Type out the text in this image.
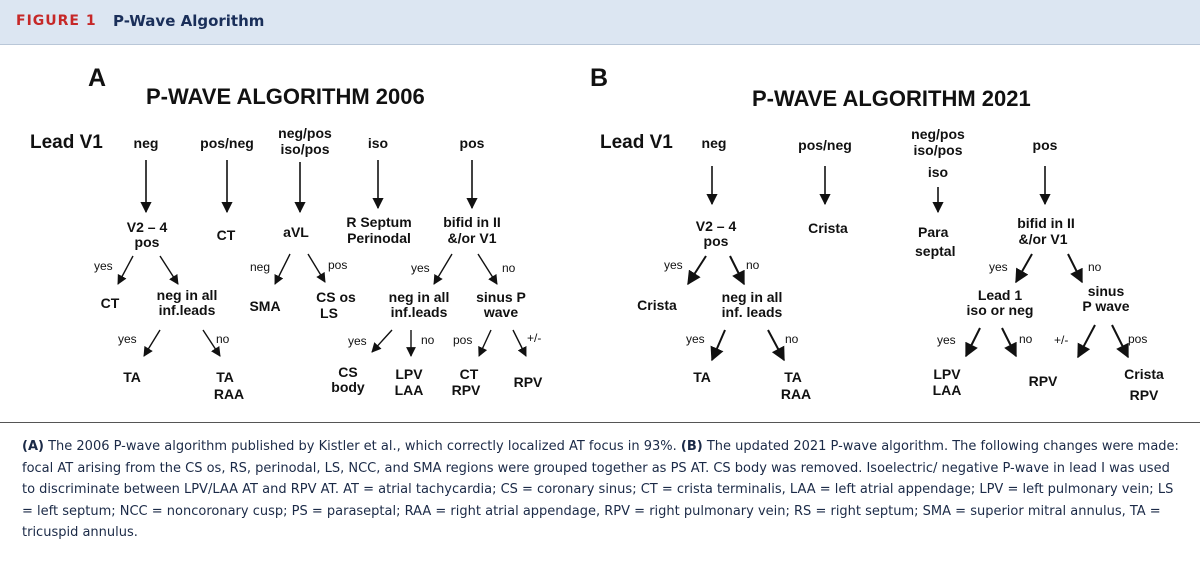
FIGURE 1 P-Wave Algorithm
A
P-WAVE ALGORITHM 2006
Lead V1 neg	pos/neg
neg/pos
iso/pos	iso	pos
V2 – 4
pos	CT	aVL
R Septum
Perinodal
bifid in II
&/or V1
yes	neg	pos	yes	no
CT	neg in all
inf.leads SMA
CS os
LS
neg in all
inf.leads
sinus P
wave
yes	no	yes	no pos	+/-
TA	TA
RAA
CS
body
LPV
LAA
CT
RPV RPV
B
P-WAVE ALGORITHM 2021
Lead V1 neg	pos/neg
neg/pos
iso/pos
iso
pos
V2 – 4
pos
Crista	Para
septal
bifid in II
&/or V1
yes	no	yes	no
Crista	neg in all
inf. leads
Lead 1
iso or neg
sinus
P wave
yes	no	yes	no +/-	pos
TA	TA
RAA
LPV
LAA
RPV	Crista
RPV
(A) The 2006 P-wave algorithm published by Kistler et al., which correctly localized AT focus in 93%. (B) The updated 2021 P-wave algorithm. The following changes were made: focal AT arising from the CS os, RS, perinodal, LS, NCC, and SMA regions were grouped together as PS AT. CS body was removed. Isoelectric/ negative P-wave in lead I was used to discriminate between LPV/LAA AT and RPV AT. AT = atrial tachycardia; CS = coronary sinus; CT = crista terminalis, LAA = left atrial appendage; LPV = left pulmonary vein; LS = left septum; NCC = noncoronary cusp; PS = paraseptal; RAA = right atrial appendage, RPV = right pulmonary vein; RS = right septum; SMA = superior mitral annulus, TA = tricuspid annulus.
